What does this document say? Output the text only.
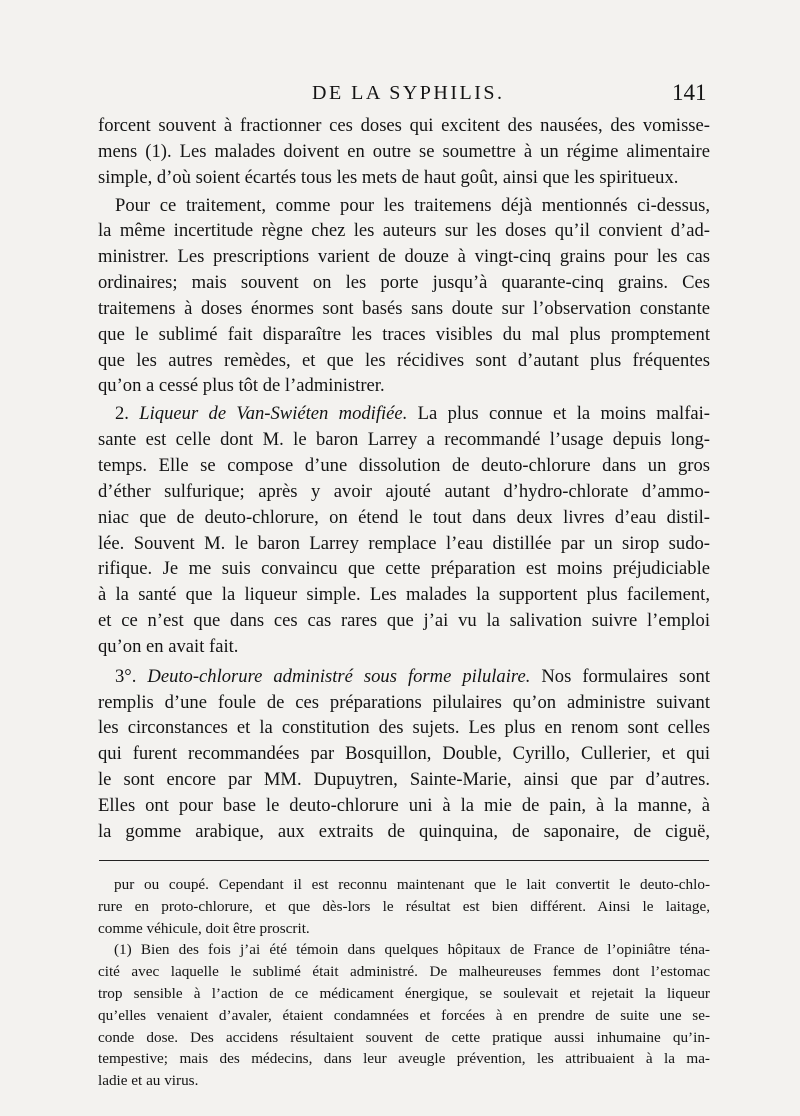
DE LA SYPHILIS.	141
forcent souvent à fractionner ces doses qui excitent des nausées, des vomisse-
mens (1). Les malades doivent en outre se soumettre à un régime alimentaire
simple, d’où soient écartés tous les mets de haut goût, ainsi que les spiritueux.
Pour ce traitement, comme pour les traitemens déjà mentionnés ci-dessus,
la même incertitude règne chez les auteurs sur les doses qu’il convient d’ad-
ministrer. Les prescriptions varient de douze à vingt-cinq grains pour les cas
ordinaires; mais souvent on les porte jusqu’à quarante-cinq grains. Ces
traitemens à doses énormes sont basés sans doute sur l’observation constante
que le sublimé fait disparaître les traces visibles du mal plus promptement
que les autres remèdes, et que les récidives sont d’autant plus fréquentes
qu’on a cessé plus tôt de l’administrer.
2. Liqueur de Van-Swiéten modifiée. La plus connue et la moins malfai-
sante est celle dont M. le baron Larrey a recommandé l’usage depuis long-
temps. Elle se compose d’une dissolution de deuto-chlorure dans un gros
d’éther sulfurique; après y avoir ajouté autant d’hydro-chlorate d’ammo-
niac que de deuto-chlorure, on étend le tout dans deux livres d’eau distil-
lée. Souvent M. le baron Larrey remplace l’eau distillée par un sirop sudo-
rifique. Je me suis convaincu que cette préparation est moins préjudiciable
à la santé que la liqueur simple. Les malades la supportent plus facilement,
et ce n’est que dans ces cas rares que j’ai vu la salivation suivre l’emploi
qu’on en avait fait.
3°. Deuto-chlorure administré sous forme pilulaire. Nos formulaires sont
remplis d’une foule de ces préparations pilulaires qu’on administre suivant
les circonstances et la constitution des sujets. Les plus en renom sont celles
qui furent recommandées par Bosquillon, Double, Cyrillo, Cullerier, et qui
le sont encore par MM. Dupuytren, Sainte-Marie, ainsi que par d’autres.
Elles ont pour base le deuto-chlorure uni à la mie de pain, à la manne, à
la gomme arabique, aux extraits de quinquina, de saponaire, de ciguë,
pur ou coupé. Cependant il est reconnu maintenant que le lait convertit le deuto-chlo-
rure en proto-chlorure, et que dès-lors le résultat est bien différent. Ainsi le laitage,
comme véhicule, doit être proscrit.
(1) Bien des fois j’ai été témoin dans quelques hôpitaux de France de l’opiniâtre ténа-
cité avec laquelle le sublimé était administré. De malheureuses femmes dont l’estomac
trop sensible à l’action de ce médicament énergique, se soulevait et rejetait la liqueur
qu’elles venaient d’avaler, étaient condamnées et forcées à en prendre de suite une se-
conde dose. Des accidens résultaient souvent de cette pratique aussi inhumaine qu’in-
tempestive; mais des médecins, dans leur aveugle prévention, les attribuaient à la ma-
ladie et au virus.
